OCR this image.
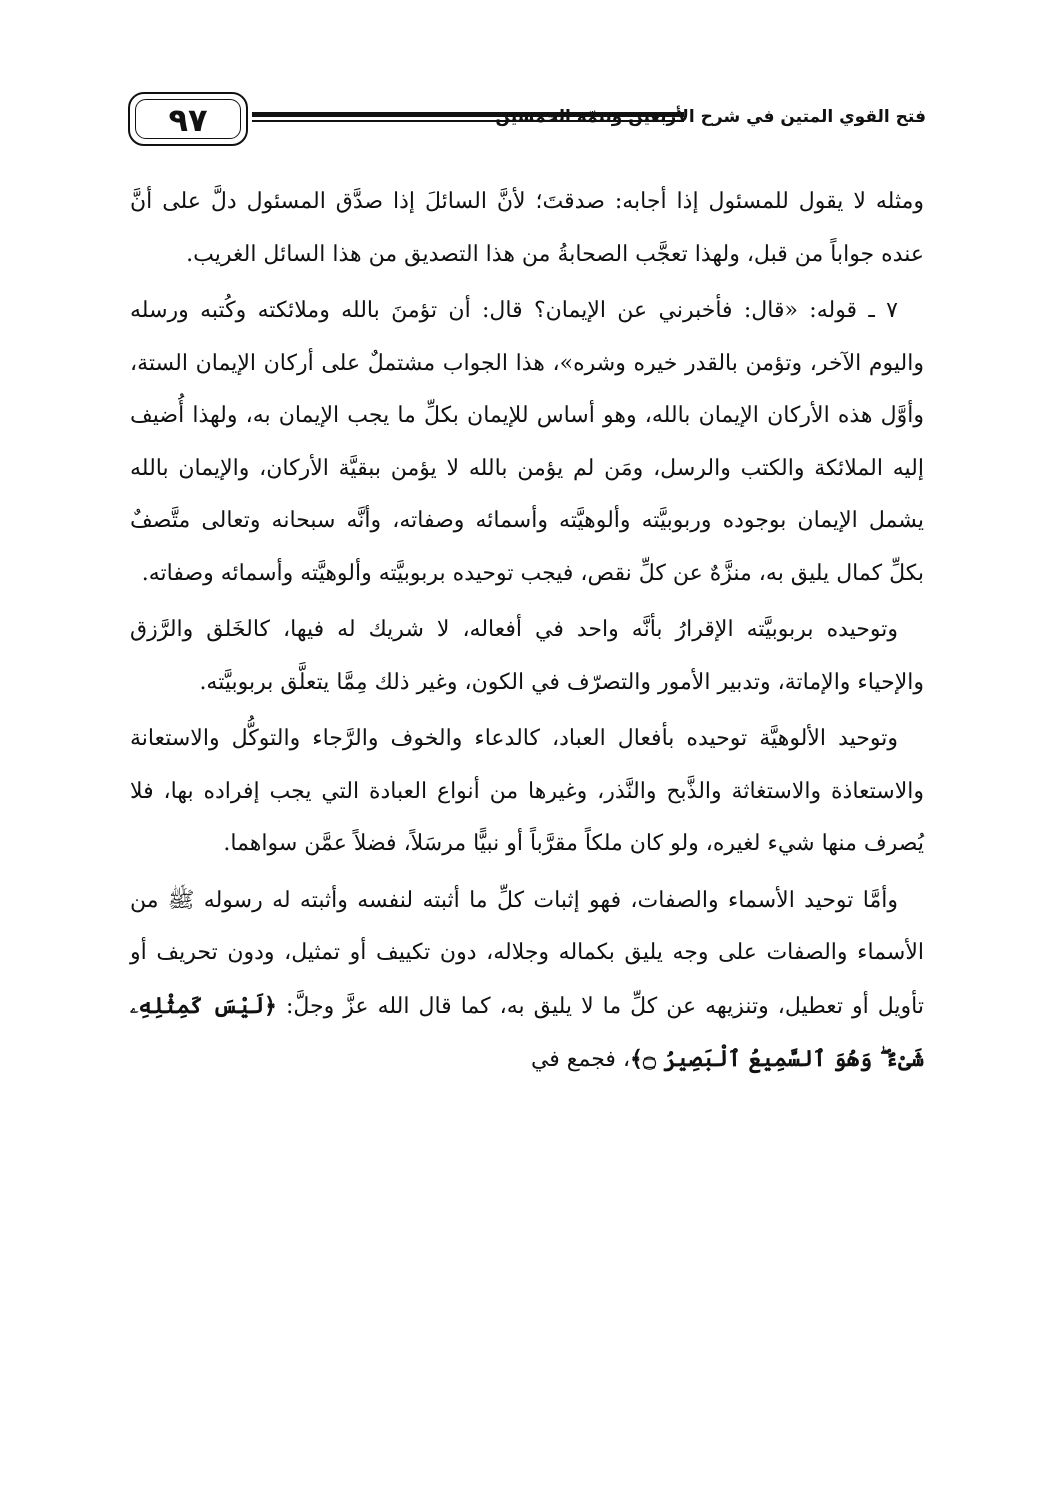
٩٧	فتح القوي المتين في شرح الأربعين وتتمّة الخمسين

ومثله لا يقول للمسئول إذا أجابه: صدقتَ؛ لأنَّ السائلَ إذا صدَّق المسئول دلَّ على أنَّ عنده جواباً من قبل، ولهذا تعجَّب الصحابةُ من هذا التصديق من هذا السائل الغريب.

٧ ـ قوله: «قال: فأخبرني عن الإيمان؟ قال: أن تؤمنَ بالله وملائكته وكُتبه ورسله واليوم الآخر، وتؤمن بالقدر خيره وشره»، هذا الجواب مشتملٌ على أركان الإيمان الستة، وأوَّل هذه الأركان الإيمان بالله، وهو أساس للإيمان بكلِّ ما يجب الإيمان به، ولهذا أُضيف إليه الملائكة والكتب والرسل، ومَن لم يؤمن بالله لا يؤمن ببقيَّة الأركان، والإيمان بالله يشمل الإيمان بوجوده وربوبيَّته وألوهيَّته وأسمائه وصفاته، وأنَّه سبحانه وتعالى متَّصفٌ بكلِّ كمال يليق به، منزَّهٌ عن كلِّ نقص، فيجب توحيده بربوبيَّته وألوهيَّته وأسمائه وصفاته.

وتوحيده بربوبيَّته الإقرارُ بأنَّه واحد في أفعاله، لا شريك له فيها، كالخَلق والرَّزق والإحياء والإماتة، وتدبير الأمور والتصرّف في الكون، وغير ذلك مِمَّا يتعلَّق بربوبيَّته.

وتوحيد الألوهيَّة توحيده بأفعال العباد، كالدعاء والخوف والرَّجاء والتوكُّل والاستعانة والاستعاذة والاستغاثة والذَّبح والنَّذر، وغيرها من أنواع العبادة التي يجب إفراده بها، فلا يُصرف منها شيء لغيره، ولو كان ملكاً مقرَّباً أو نبيًّا مرسَلاً، فضلاً عمَّن سواهما.

وأمَّا توحيد الأسماء والصفات، فهو إثبات كلِّ ما أثبته لنفسه وأثبته له رسوله ﷺ من الأسماء والصفات على وجه يليق بكماله وجلاله، دون تكييف أو تمثيل، ودون تحريف أو تأويل أو تعطيل، وتنزيهه عن كلِّ ما لا يليق به، كما قال الله عزَّ وجلَّ: ﴿لَيْسَ كَمِثْلِهِۦ شَىْءٌ ۖ وَهُوَ ٱلسَّمِيعُ ٱلْبَصِيرُ ۝﴾، فجمع في
